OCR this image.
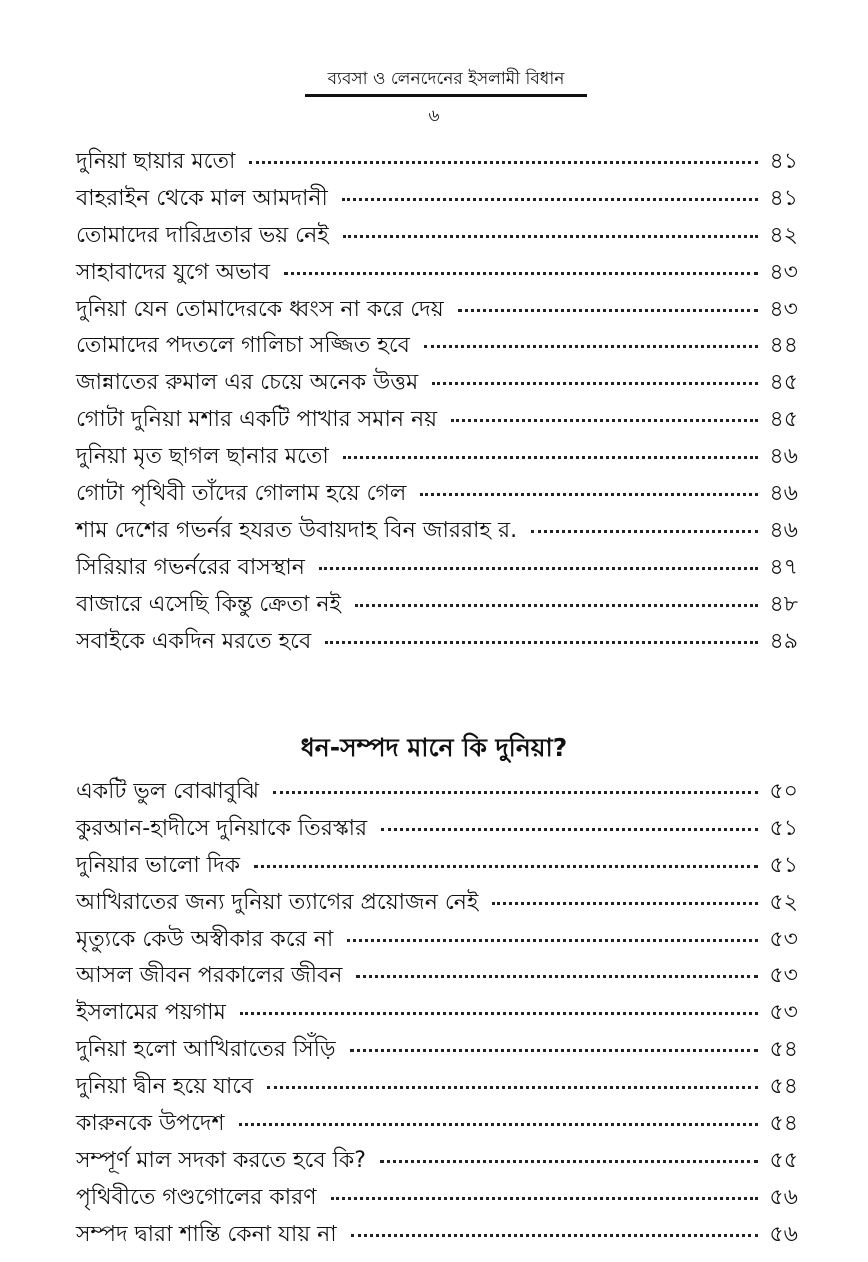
ব্যবসা ও লেনদেনের ইসলামী বিধান
৬
দুনিয়া ছায়ার মতো	৪১
বাহরাইন থেকে মাল আমদানী	৪১
তোমাদের দারিদ্রতার ভয় নেই	৪২
সাহাবাদের যুগে অভাব	৪৩
দুনিয়া যেন তোমাদেরকে ধ্বংস না করে দেয়	৪৩
তোমাদের পদতলে গালিচা সজ্জিত হবে	৪৪
জান্নাতের রুমাল এর চেয়ে অনেক উত্তম	৪৫
গোটা দুনিয়া মশার একটি পাখার সমান নয়	৪৫
দুনিয়া মৃত ছাগল ছানার মতো	৪৬
গোটা পৃথিবী তাঁদের গোলাম হয়ে গেল	৪৬
শাম দেশের গভর্নর হযরত উবায়দাহ বিন জাররাহ র.	৪৬
সিরিয়ার গভর্নরের বাসস্থান	৪৭
বাজারে এসেছি কিন্তু ক্রেতা নই	৪৮
সবাইকে একদিন মরতে হবে	৪৯
ধন-সম্পদ মানে কি দুনিয়া?
একটি ভুল বোঝাবুঝি	৫০
কুরআন-হাদীসে দুনিয়াকে তিরস্কার	৫১
দুনিয়ার ভালো দিক	৫১
আখিরাতের জন্য দুনিয়া ত্যাগের প্রয়োজন নেই	৫২
মৃত্যুকে কেউ অস্বীকার করে না	৫৩
আসল জীবন পরকালের জীবন	৫৩
ইসলামের পয়গাম	৫৩
দুনিয়া হলো আখিরাতের সিঁড়ি	৫৪
দুনিয়া দ্বীন হয়ে যাবে	৫৪
কারুনকে উপদেশ	৫৪
সম্পূর্ণ মাল সদকা করতে হবে কি?	৫৫
পৃথিবীতে গণ্ডগোলের কারণ	৫৬
সম্পদ দ্বারা শান্তি কেনা যায় না	৫৬
